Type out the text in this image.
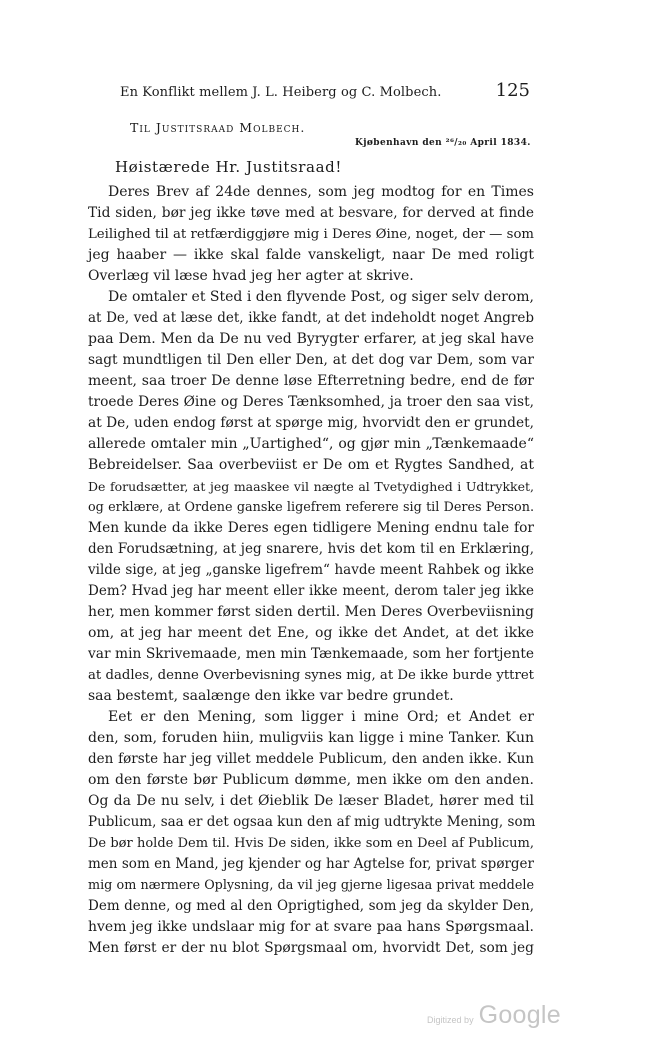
En Konflikt mellem J. L. Heiberg og C. Molbech.	125
Til Justitsraad Molbech.
Kjøbenhavn den ²⁶/₂₀ April 1834.
Høistærede Hr. Justitsraad!
Deres Brev af 24de dennes, som jeg modtog for en Times
Tid siden, bør jeg ikke tøve med at besvare, for derved at finde
Leilighed til at retfærdiggjøre mig i Deres Øine, noget, der — som
jeg haaber — ikke skal falde vanskeligt, naar De med roligt
Overlæg vil læse hvad jeg her agter at skrive.
De omtaler et Sted i den flyvende Post, og siger selv derom,
at De, ved at læse det, ikke fandt, at det indeholdt noget Angreb
paa Dem. Men da De nu ved Byrygter erfarer, at jeg skal have
sagt mundtligen til Den eller Den, at det dog var Dem, som var
meent, saa troer De denne løse Efterretning bedre, end de før
troede Deres Øine og Deres Tænksomhed, ja troer den saa vist,
at De, uden endog først at spørge mig, hvorvidt den er grundet,
allerede omtaler min „Uartighed“, og gjør min „Tænkemaade“
Bebreidelser. Saa overbeviist er De om et Rygtes Sandhed, at
De forudsætter, at jeg maaskee vil nægte al Tvetydighed i Udtrykket,
og erklære, at Ordene ganske ligefrem referere sig til Deres Person.
Men kunde da ikke Deres egen tidligere Mening endnu tale for
den Forudsætning, at jeg snarere, hvis det kom til en Erklæring,
vilde sige, at jeg „ganske ligefrem“ havde meent Rahbek og ikke
Dem? Hvad jeg har meent eller ikke meent, derom taler jeg ikke
her, men kommer først siden dertil. Men Deres Overbeviisning
om, at jeg har meent det Ene, og ikke det Andet, at det ikke
var min Skrivemaade, men min Tænkemaade, som her fortjente
at dadles, denne Overbevisning synes mig, at De ikke burde yttret
saa bestemt, saalænge den ikke var bedre grundet.
Eet er den Mening, som ligger i mine Ord; et Andet er
den, som, foruden hiin, muligviis kan ligge i mine Tanker. Kun
den første har jeg villet meddele Publicum, den anden ikke. Kun
om den første bør Publicum dømme, men ikke om den anden.
Og da De nu selv, i det Øieblik De læser Bladet, hører med til
Publicum, saa er det ogsaa kun den af mig udtrykte Mening, som
De bør holde Dem til. Hvis De siden, ikke som en Deel af Publicum,
men som en Mand, jeg kjender og har Agtelse for, privat spørger
mig om nærmere Oplysning, da vil jeg gjerne ligesaa privat meddele
Dem denne, og med al den Oprigtighed, som jeg da skylder Den,
hvem jeg ikke undslaar mig for at svare paa hans Spørgsmaal.
Men først er der nu blot Spørgsmaal om, hvorvidt Det, som jeg
Digitized by Google
